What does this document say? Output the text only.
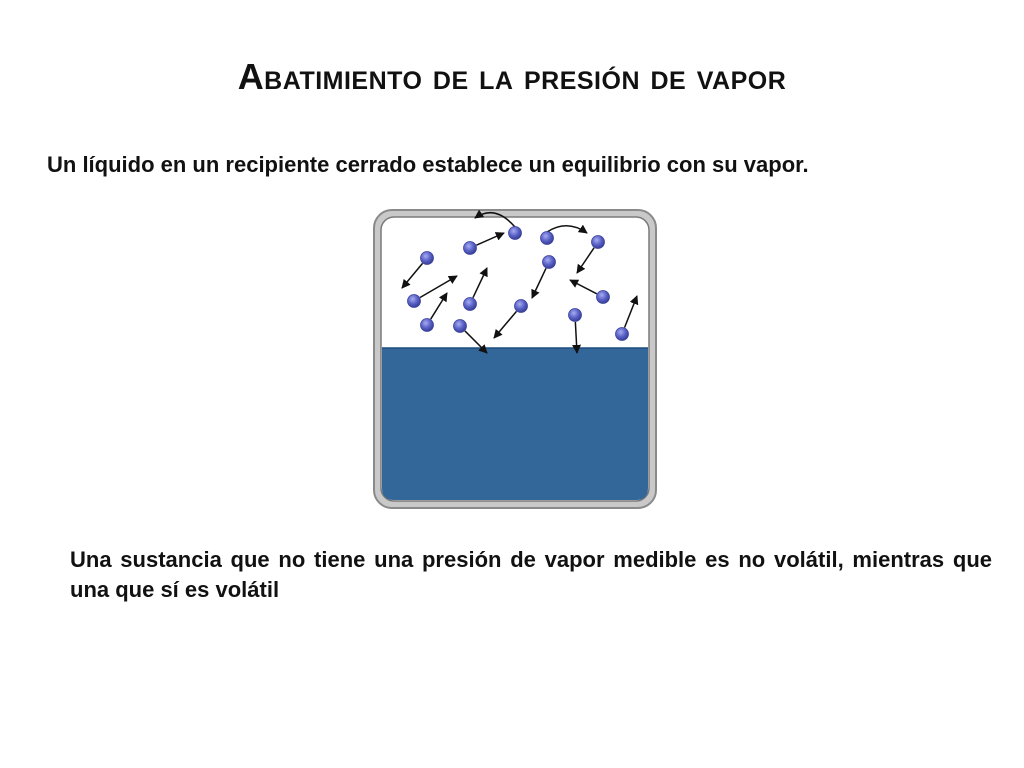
Abatimiento de la presión de vapor
Un líquido en un recipiente cerrado establece un equilibrio con su vapor.
Una sustancia que no tiene una presión de vapor medible es no volátil, mientras que una que sí es volátil
